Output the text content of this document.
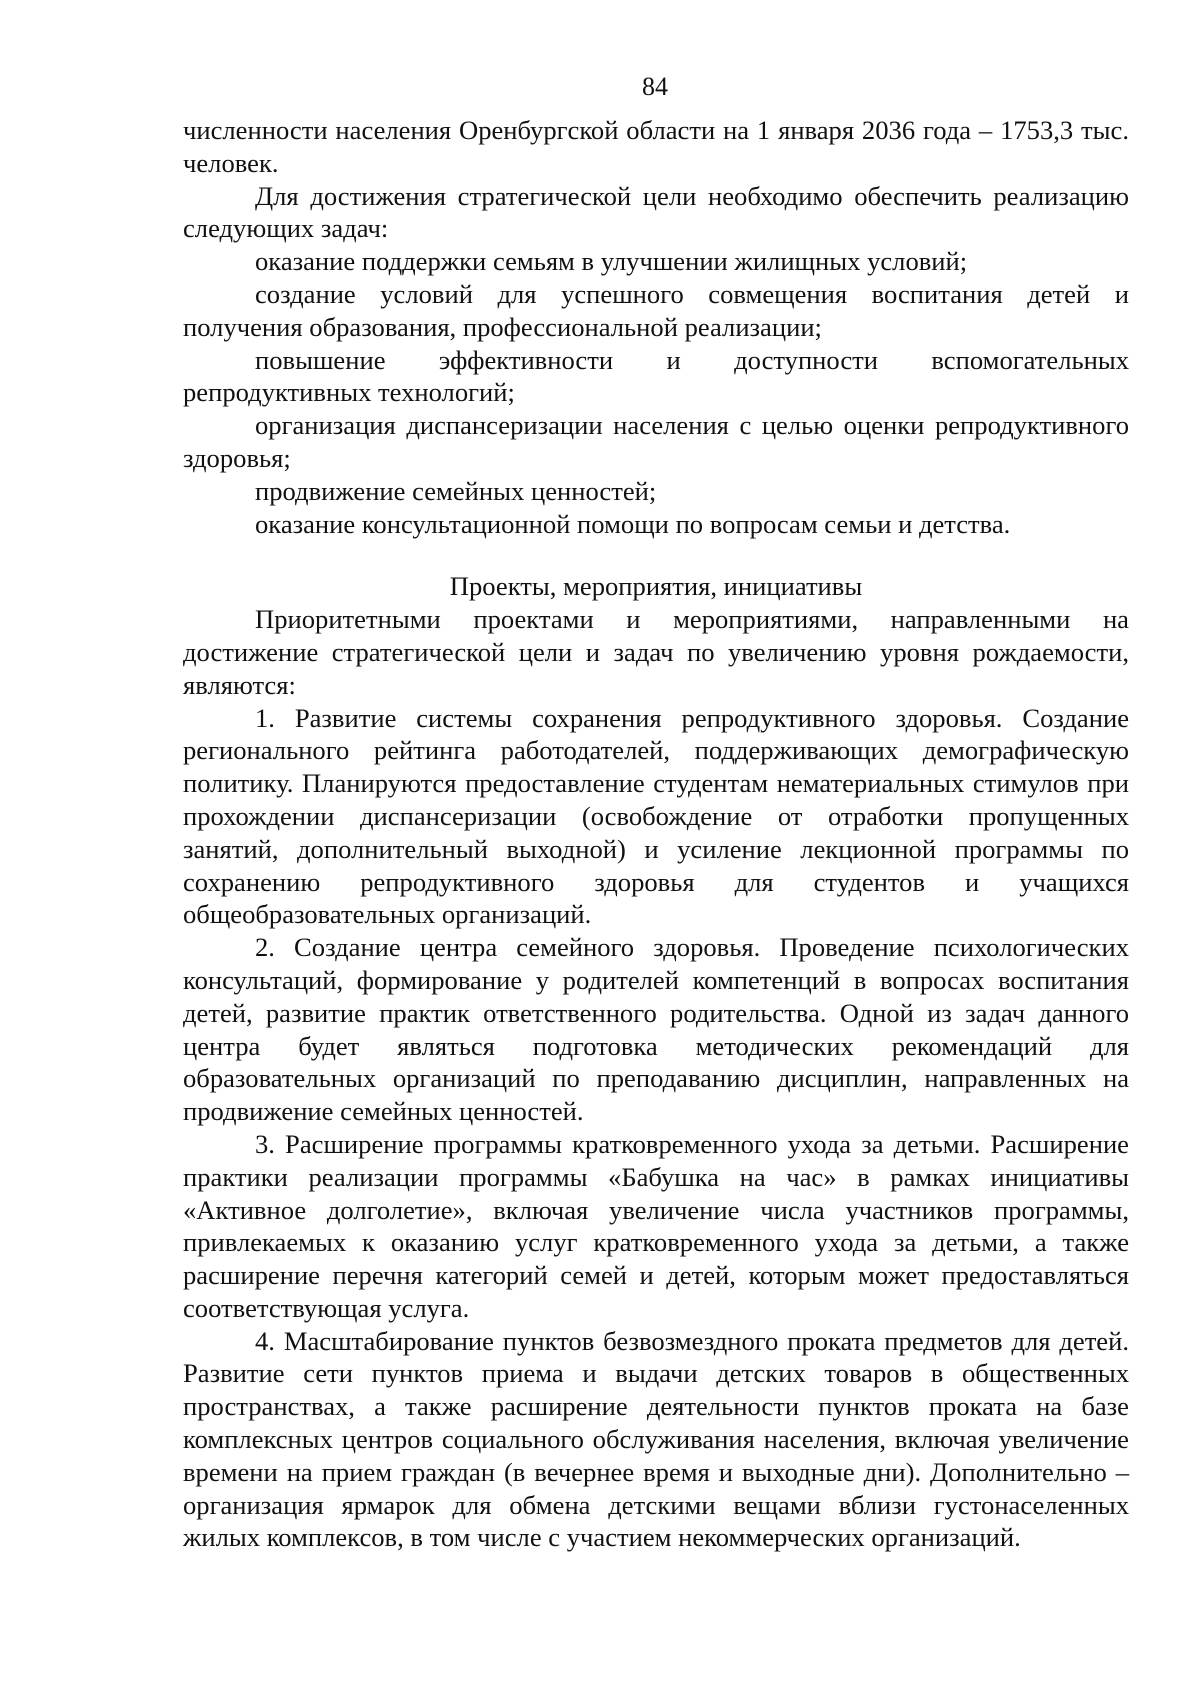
84

численности населения Оренбургской области на 1 января 2036 года – 1753,3 тыс. человек.

Для достижения стратегической цели необходимо обеспечить реализацию следующих задач:

оказание поддержки семьям в улучшении жилищных условий;

создание условий для успешного совмещения воспитания детей и получения образования, профессиональной реализации;

повышение эффективности и доступности вспомогательных репродуктивных технологий;

организация диспансеризации населения с целью оценки репродуктивного здоровья;

продвижение семейных ценностей;

оказание консультационной помощи по вопросам семьи и детства.

Проекты, мероприятия, инициативы

Приоритетными проектами и мероприятиями, направленными на достижение стратегической цели и задач по увеличению уровня рождаемости, являются:

1. Развитие системы сохранения репродуктивного здоровья. Создание регионального рейтинга работодателей, поддерживающих демографическую политику. Планируются предоставление студентам нематериальных стимулов при прохождении диспансеризации (освобождение от отработки пропущенных занятий, дополнительный выходной) и усиление лекционной программы по сохранению репродуктивного здоровья для студентов и учащихся общеобразовательных организаций.

2. Создание центра семейного здоровья. Проведение психологических консультаций, формирование у родителей компетенций в вопросах воспитания детей, развитие практик ответственного родительства. Одной из задач данного центра будет являться подготовка методических рекомендаций для образовательных организаций по преподаванию дисциплин, направленных на продвижение семейных ценностей.

3. Расширение программы кратковременного ухода за детьми. Расширение практики реализации программы «Бабушка на час» в рамках инициативы «Активное долголетие», включая увеличение числа участников программы, привлекаемых к оказанию услуг кратковременного ухода за детьми, а также расширение перечня категорий семей и детей, которым может предоставляться соответствующая услуга.

4. Масштабирование пунктов безвозмездного проката предметов для детей. Развитие сети пунктов приема и выдачи детских товаров в общественных пространствах, а также расширение деятельности пунктов проката на базе комплексных центров социального обслуживания населения, включая увеличение времени на прием граждан (в вечернее время и выходные дни). Дополнительно – организация ярмарок для обмена детскими вещами вблизи густонаселенных жилых комплексов, в том числе с участием некоммерческих организаций.
